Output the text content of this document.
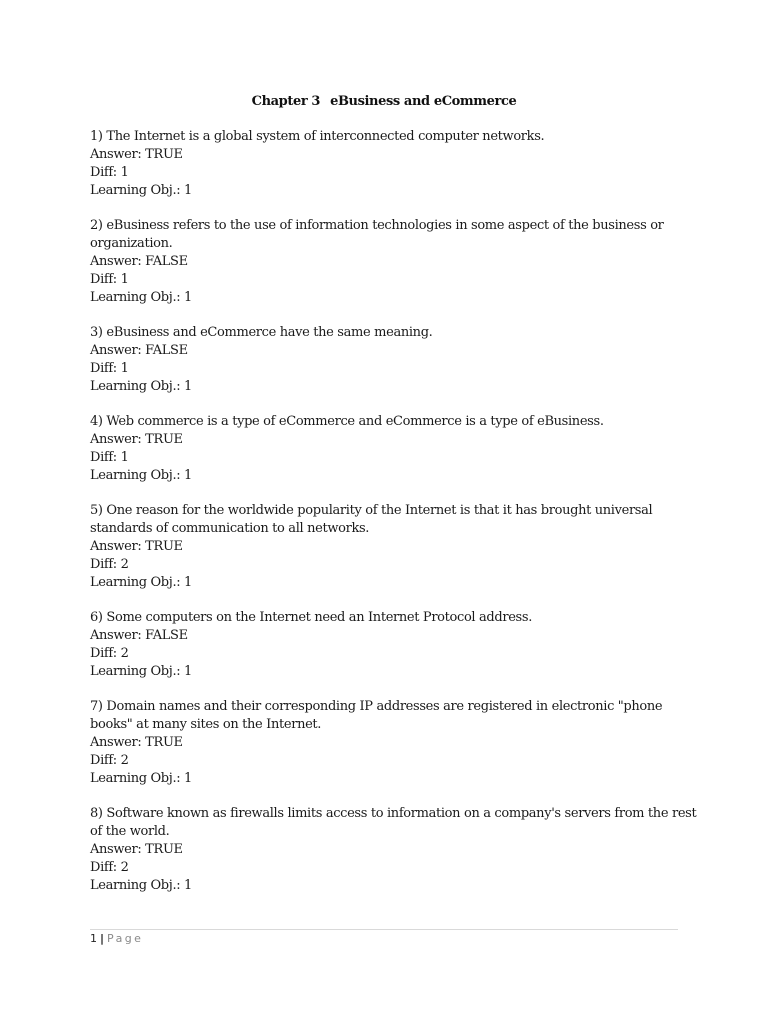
Chapter 3 eBusiness and eCommerce
1) The Internet is a global system of interconnected computer networks.
Answer: TRUE
Diff: 1
Learning Obj.: 1
2) eBusiness refers to the use of information technologies in some aspect of the business or
organization.
Answer: FALSE
Diff: 1
Learning Obj.: 1
3) eBusiness and eCommerce have the same meaning.
Answer: FALSE
Diff: 1
Learning Obj.: 1
4) Web commerce is a type of eCommerce and eCommerce is a type of eBusiness.
Answer: TRUE
Diff: 1
Learning Obj.: 1
5) One reason for the worldwide popularity of the Internet is that it has brought universal
standards of communication to all networks.
Answer: TRUE
Diff: 2
Learning Obj.: 1
6) Some computers on the Internet need an Internet Protocol address.
Answer: FALSE
Diff: 2
Learning Obj.: 1
7) Domain names and their corresponding IP addresses are registered in electronic "phone
books" at many sites on the Internet.
Answer: TRUE
Diff: 2
Learning Obj.: 1
8) Software known as firewalls limits access to information on a company's servers from the rest
of the world.
Answer: TRUE
Diff: 2
Learning Obj.: 1
1 | Page
